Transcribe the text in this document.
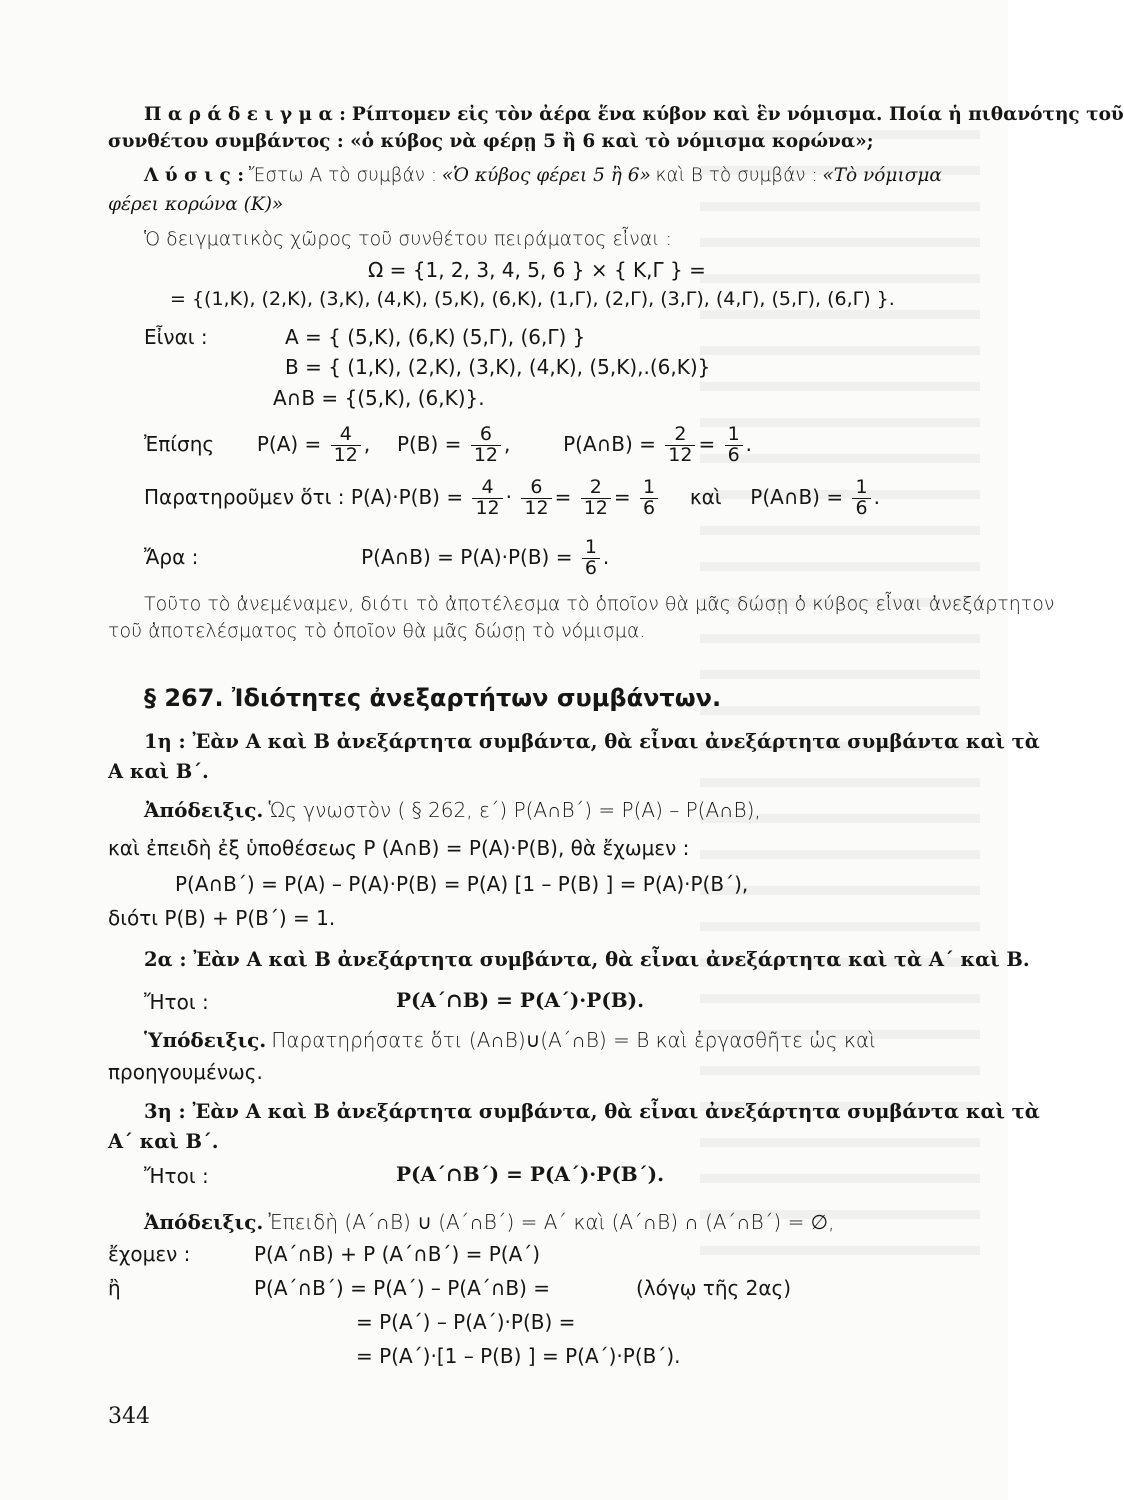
Π α ρ ά δ ε ι γ μ α : Ρίπτομεν εἰς τὸν ἀέρα ἕνα κύβον καὶ ἓν νόμισμα. Ποία ἡ πιθανότης τοῦ
συνθέτου συμβάντος : «ὁ κύβος νὰ φέρῃ 5 ἢ 6 καὶ τὸ νόμισμα κορώνα»;
Λ ύ σ ι ς : Ἔστω Α τὸ συμβάν : «Ὁ κύβος φέρει 5 ἢ 6» καὶ Β τὸ συμβάν : «Τὸ νόμισμα
φέρει κορώνα (Κ)»
Ὁ δειγματικὸς χῶρος τοῦ συνθέτου πειράματος εἶναι :
Ω = {1, 2, 3, 4, 5, 6 } × { Κ,Γ } =
= {(1,Κ), (2,Κ), (3,Κ), (4,Κ), (5,Κ), (6,Κ), (1,Γ), (2,Γ), (3,Γ), (4,Γ), (5,Γ), (6,Γ) }.
Εἶναι :	Α = { (5,Κ), (6,Κ) (5,Γ), (6,Γ) }
Β = { (1,Κ), (2,Κ), (3,Κ), (4,Κ), (5,Κ),.(6,Κ)}
Α∩Β = {(5,Κ), (6,Κ)}.
Ἐπίσης $P(A) = \frac{4}{12}$ ,  $P(B) = \frac{6}{12}$ ,  P(Α∩Β) = $\frac{2}{12} = \frac{1}{6}$ .
Παρατηροῦμεν ὅτι : $P(A)\cdot P(B) = \frac{4}{12} \cdot \frac{6}{12} = \frac{2}{12} = \frac{1}{6}$ καὶ P(Α∩Β) = $\frac{1}{6}$ .
Ἄρα :	P(Α∩Β) = $P(A)\cdot P(B) = \frac{1}{6}$ .
Τοῦτο τὸ ἀνεμέναμεν, διότι τὸ ἀποτέλεσμα τὸ ὁποῖον θὰ μᾶς δώσῃ ὁ κύβος εἶναι ἀνεξάρτητον
τοῦ ἀποτελέσματος τὸ ὁποῖον θὰ μᾶς δώσῃ τὸ νόμισμα.
§ 267. Ἰδιότητες ἀνεξαρτήτων συμβάντων.
1η : Ἐὰν Α καὶ Β ἀνεξάρτητα συμβάντα, θὰ εἶναι ἀνεξάρτητα συμβάντα καὶ τὰ
Α καὶ Β΄.
Ἀπόδειξις. Ὡς γνωστὸν ( § 262, ε΄) P(Α∩Β΄) = P(Α) – P(Α∩Β),
καὶ ἐπειδὴ ἐξ ὑποθέσεως P (Α∩Β) = P(Α)·P(Β), θὰ ἔχωμεν :
P(Α∩Β΄) = P(Α) – P(Α)·P(Β) = P(Α) [1 – P(Β) ] = P(Α)·P(Β΄),
διότι P(Β) + P(Β΄) = 1.
2α : Ἐὰν Α καὶ Β ἀνεξάρτητα συμβάντα, θὰ εἶναι ἀνεξάρτητα καὶ τὰ Α΄ καὶ Β.
Ἤτοι :	P(Α΄∩Β) = P(Α΄)·P(Β).
Ὑπόδειξις. Παρατηρήσατε ὅτι (Α∩Β)∪(Α΄∩Β) = Β καὶ ἐργασθῆτε ὡς καὶ
προηγουμένως.
3η : Ἐὰν Α καὶ Β ἀνεξάρτητα συμβάντα, θὰ εἶναι ἀνεξάρτητα συμβάντα καὶ τὰ
Α΄ καὶ Β΄.
Ἤτοι :	P(Α΄∩Β΄) = P(Α΄)·P(Β΄).
Ἀπόδειξις. Ἐπειδὴ (Α΄∩Β) ∪ (Α΄∩Β΄) = Α΄ καὶ (Α΄∩Β) ∩ (Α΄∩Β΄) = ∅,
ἔχομεν :	P(Α΄∩Β) + P (Α΄∩Β΄) = P(Α΄)
ἢ	P(Α΄∩Β΄) = P(Α΄) – P(Α΄∩Β) =	(λόγῳ τῆς 2ας)
= P(Α΄) – P(Α΄)·P(Β) =
= P(Α΄)·[1 – P(Β) ] = P(Α΄)·P(Β΄).
344
